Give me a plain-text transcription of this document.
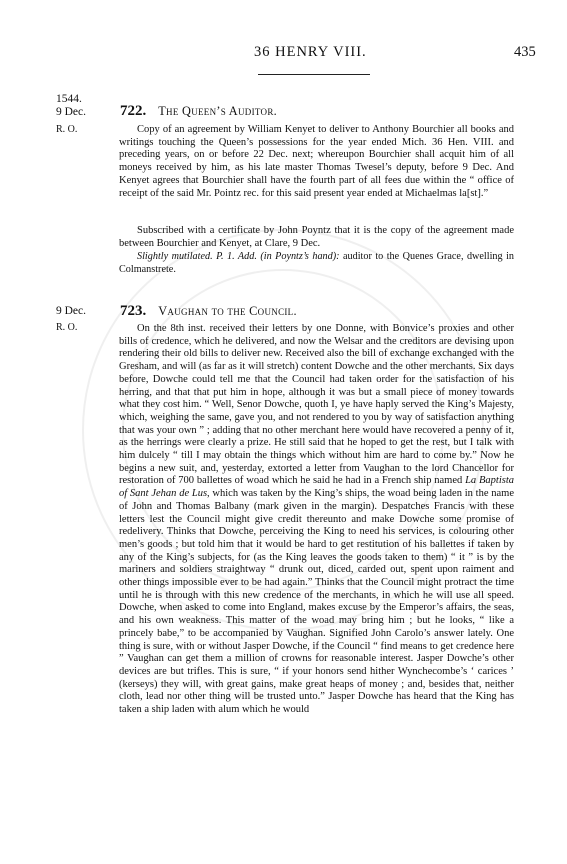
36 HENRY VIII.	435
1544.
9 Dec.
R. O.
722. The Queen’s Auditor.

Copy of an agreement by William Kenyet to deliver to Anthony Bourchier all books and writings touching the Queen’s possessions for the year ended Mich. 36 Hen. VIII. and preceding years, on or before 22 Dec. next; whereupon Bourchier shall acquit him of all moneys received by him, as his late master Thomas Twesel’s deputy, before 9 Dec. And Kenyet agrees that Bourchier shall have the fourth part of all fees due within the “ office of receipt of the said Mr. Pointz rec. for this said present year ended at Michaelmas la[st].”

Subscribed with a certificate by John Poyntz that it is the copy of the agreement made between Bourchier and Kenyet, at Clare, 9 Dec.

Slightly mutilated. P. 1. Add. (in Poyntz’s hand): auditor to the Quenes Grace, dwelling in Colmanstrete.

9 Dec.
R. O.
723. Vaughan to the Council.

On the 8th inst. received their letters by one Donne, with Bonvice’s proxies and other bills of credence, which he delivered, and now the Welsar and the creditors are devising upon rendering their old bills to deliver new. Received also the bill of exchange exchanged with the Gresham, and will (as far as it will stretch) content Dowche and the other merchants. Six days before, Dowche could tell me that the Council had taken order for the satisfaction of his herring, and that that put him in hope, although it was but a small piece of money towards what they cost him. “ Well, Senor Dowche, quoth I, ye have haply served the King’s Majesty, which, weighing the same, gave you, and not rendered to you by way of satisfaction anything that was your own ” ; adding that no other merchant here would have recovered a penny of it, as the herrings were clearly a prize. He still said that he hoped to get the rest, but I talk with him dulcely “ till I may obtain the things which without him are hard to come by.” Now he begins a new suit, and, yesterday, extorted a letter from Vaughan to the lord Chancellor for restoration of 700 ballettes of woad which he said he had in a French ship named La Baptista of Sant Jehan de Lus, which was taken by the King’s ships, the woad being laden in the name of John and Thomas Balbany (mark given in the margin). Despatches Francis with these letters lest the Council might give credit thereunto and make Dowche some promise of redelivery. Thinks that Dowche, perceiving the King to need his services, is colouring other men’s goods ; but told him that it would be hard to get restitution of his ballettes if taken by any of the King’s subjects, for (as the King leaves the goods taken to them) “ it ” is by the mariners and soldiers straightway “ drunk out, diced, carded out, spent upon raiment and other things impossible ever to be had again.” Thinks that the Council might protract the time until he is through with this new credence of the merchants, in which he will use all speed. Dowche, when asked to come into England, makes excuse by the Emperor’s affairs, the seas, and his own weakness. This matter of the woad may bring him ; but he looks, “ like a princely babe,” to be accompanied by Vaughan. Signified John Carolo’s answer lately. One thing is sure, with or without Jasper Dowche, if the Council “ find means to get credence here ” Vaughan can get them a million of crowns for reasonable interest. Jasper Dowche’s other devices are but trifles. This is sure, “ if your honors send hither Wynchecombe’s ‘ carices ’ (kerseys) they will, with great gains, make great heaps of money ; and, besides that, neither cloth, lead nor other thing will be trusted unto.” Jasper Dowche has heard that the King has taken a ship laden with alum which he would
